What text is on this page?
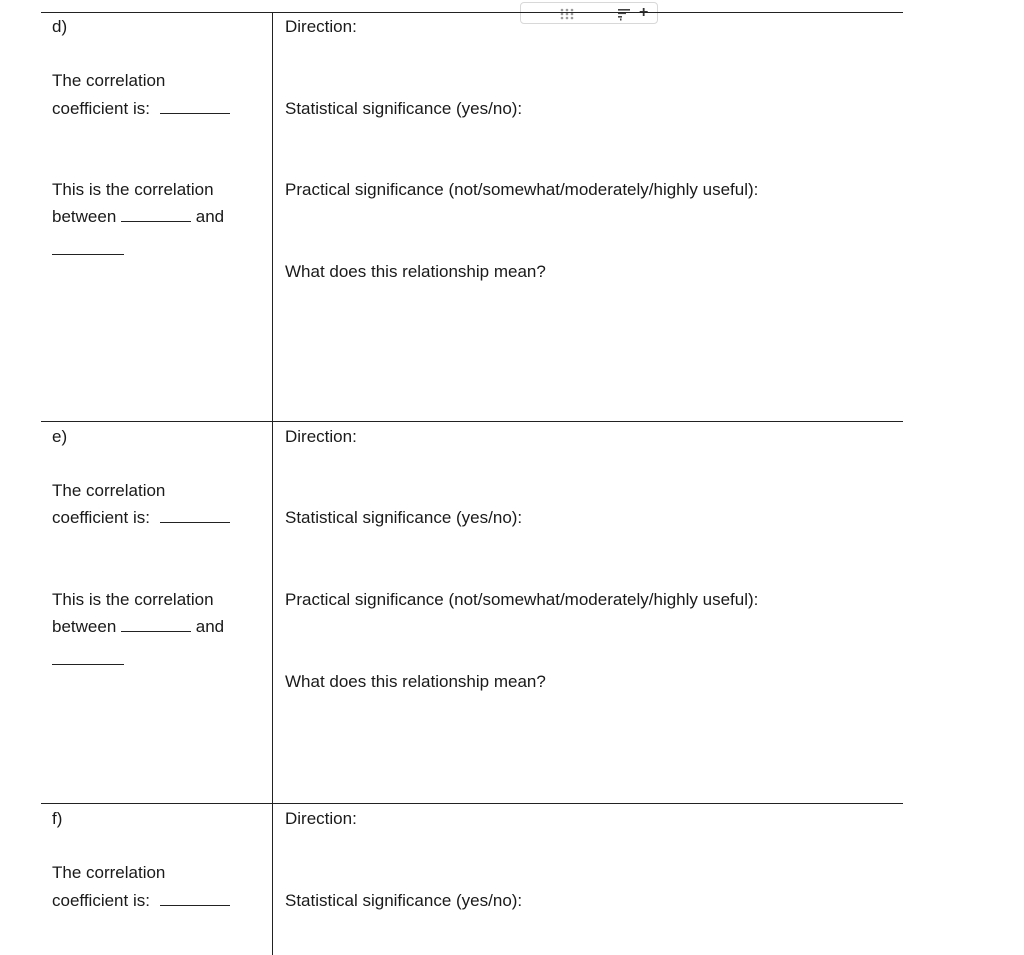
d)
The correlation
coefficient is:
This is the correlation
between	and
Direction:
Statistical significance (yes/no):
Practical significance (not/somewhat/moderately/highly useful):
What does this relationship mean?
e)
The correlation
coefficient is:
This is the correlation
between	and
Direction:
Statistical significance (yes/no):
Practical significance (not/somewhat/moderately/highly useful):
What does this relationship mean?
f)
The correlation
coefficient is:
Direction:
Statistical significance (yes/no):
